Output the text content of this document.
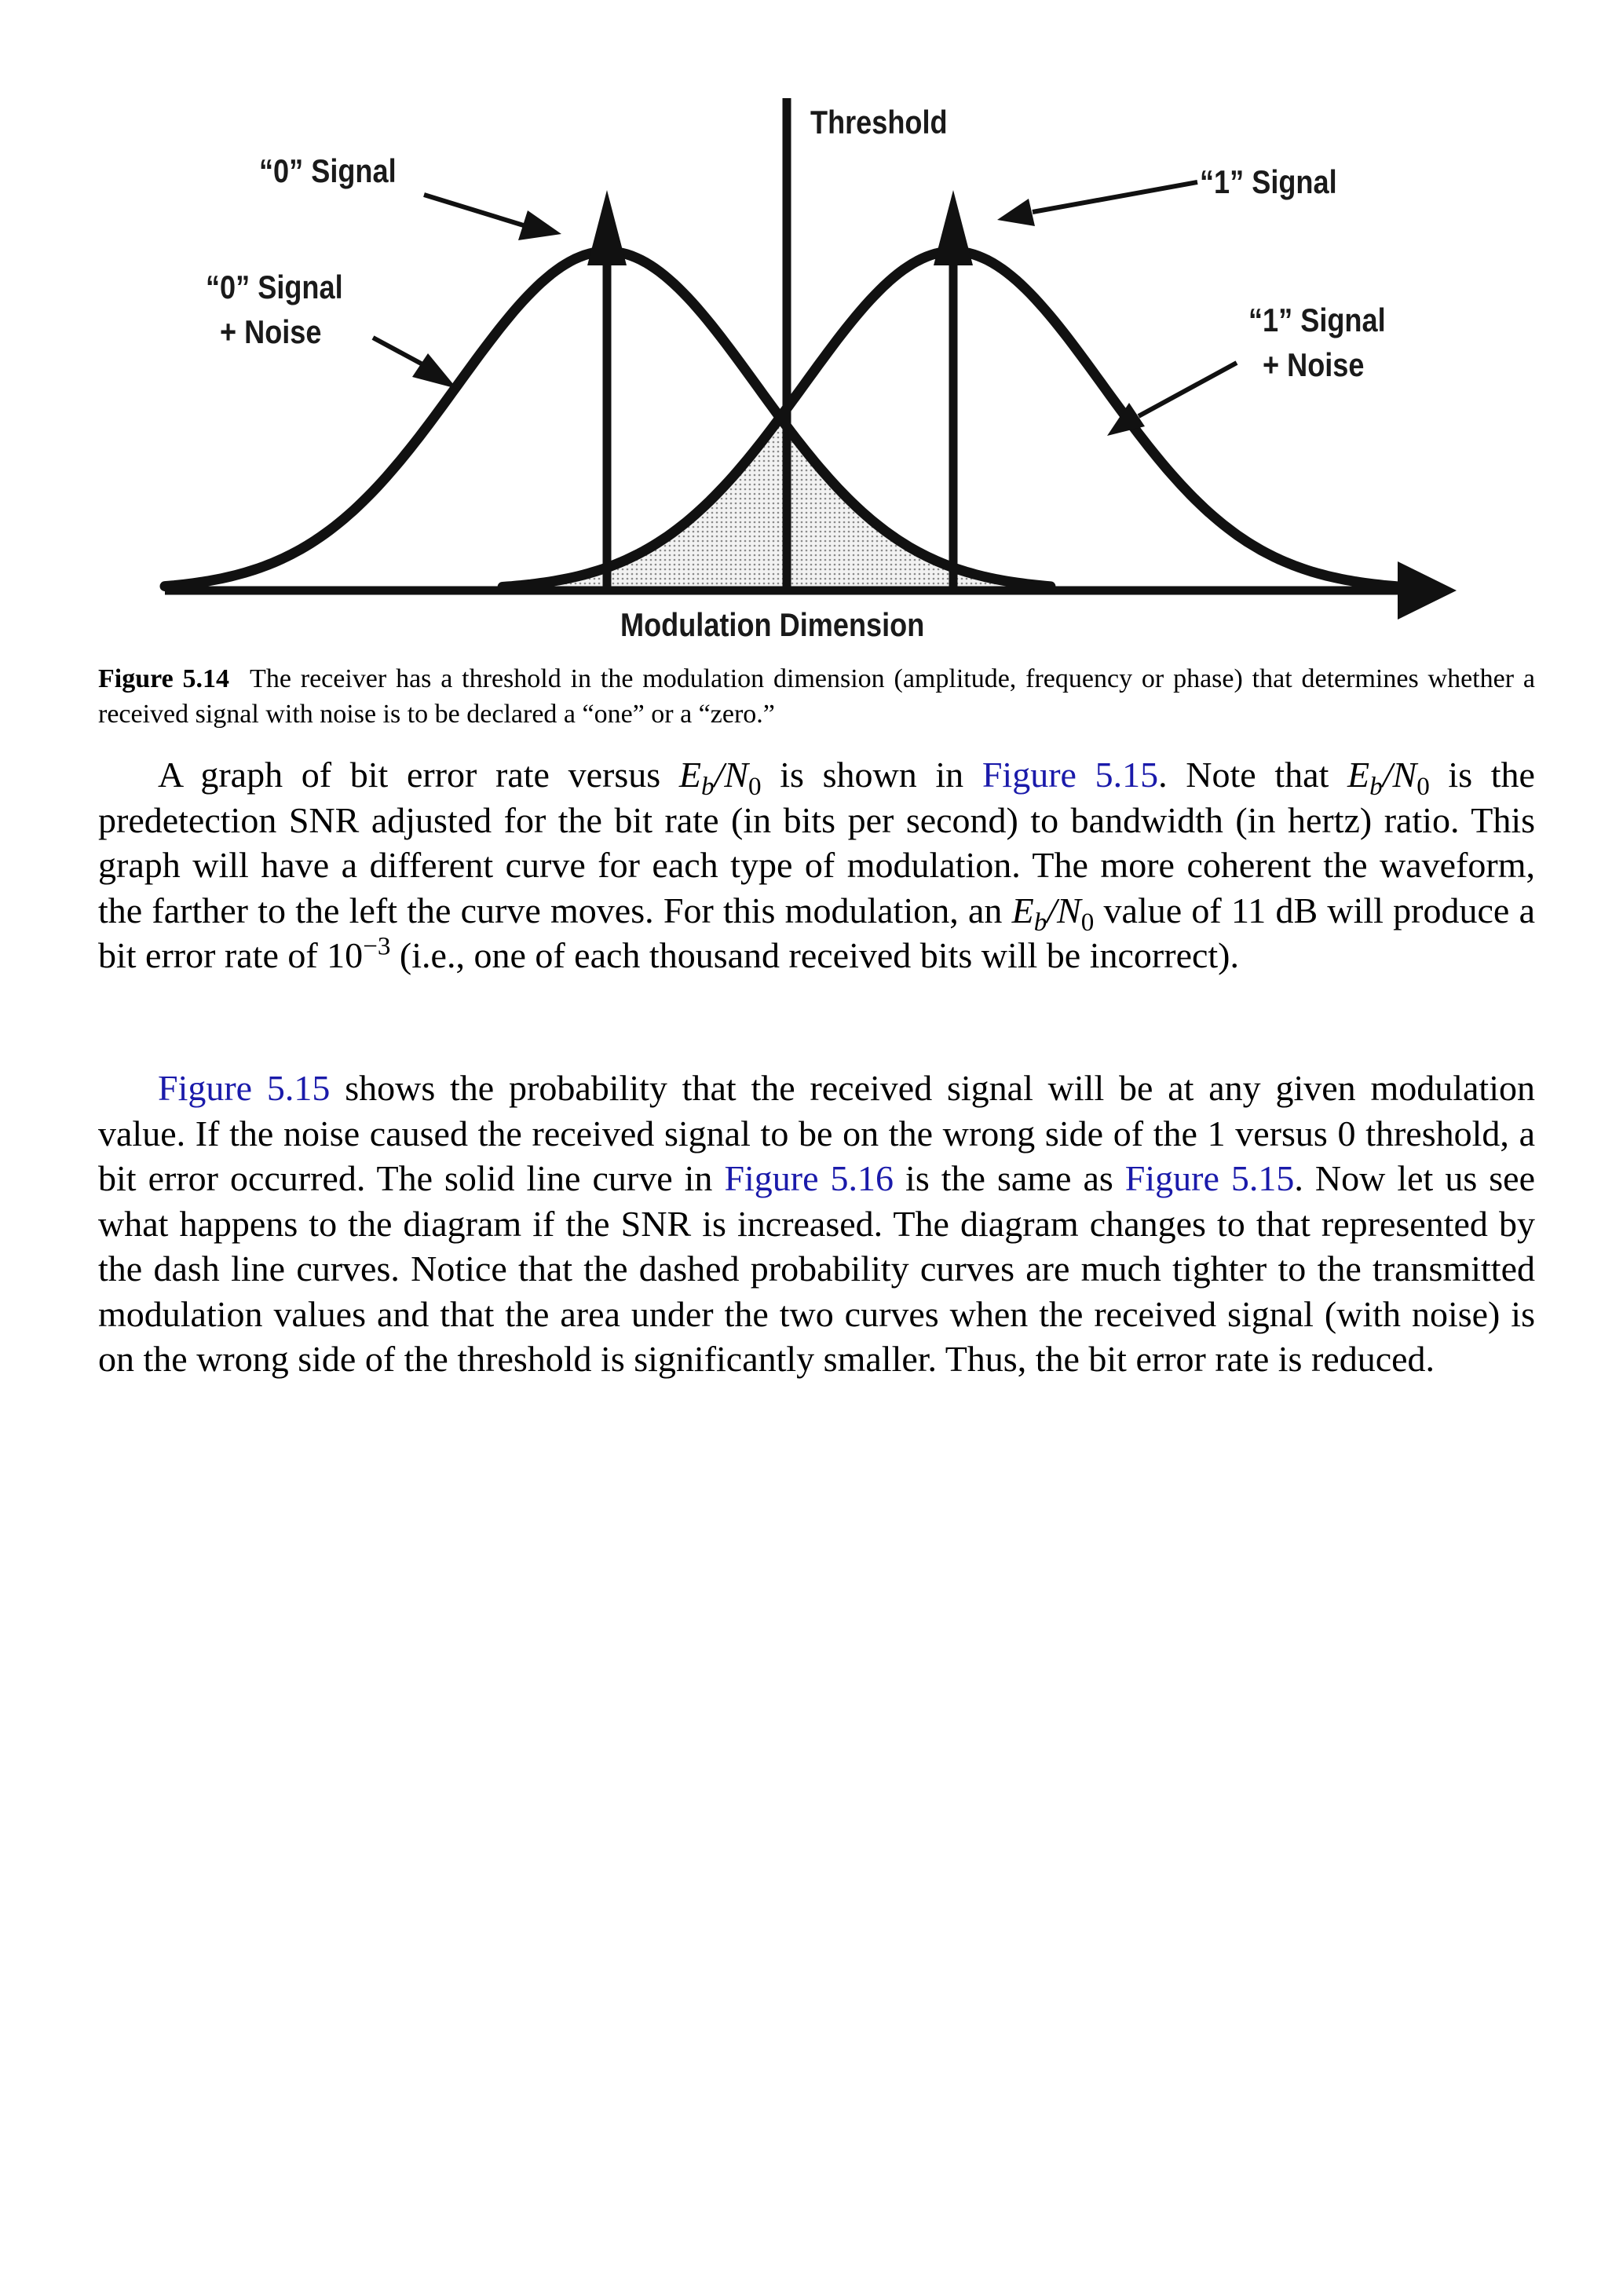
Threshold
“0” Signal
“0” Signal
+ Noise
“1” Signal
“1” Signal
+ Noise
Modulation Dimension
Figure 5.14 The receiver has a threshold in the modulation dimension (amplitude, frequency or phase) that determines whether a received signal with noise is to be declared a “one” or a “zero.”

A graph of bit error rate versus $E_b/N_0$ is shown in Figure 5.15. Note that $E_b/N_0$ is the predetection SNR adjusted for the bit rate (in bits per second) to bandwidth (in hertz) ratio. This graph will have a different curve for each type of modulation. The more coherent the waveform, the farther to the left the curve moves. For this modulation, an $E_b/N_0$ value of 11 dB will produce a bit error rate of $10^{-3}$ (i.e., one of each thousand received bits will be incorrect).

Figure 5.15 shows the probability that the received signal will be at any given modulation value. If the noise caused the received signal to be on the wrong side of the 1 versus 0 threshold, a bit error occurred. The solid line curve in Figure 5.16 is the same as Figure 5.15. Now let us see what happens to the diagram if the SNR is increased. The diagram changes to that represented by the dash line curves. Notice that the dashed probability curves are much tighter to the transmitted modulation values and that the area under the two curves when the received signal (with noise) is on the wrong side of the threshold is significantly smaller. Thus, the bit error rate is reduced.
